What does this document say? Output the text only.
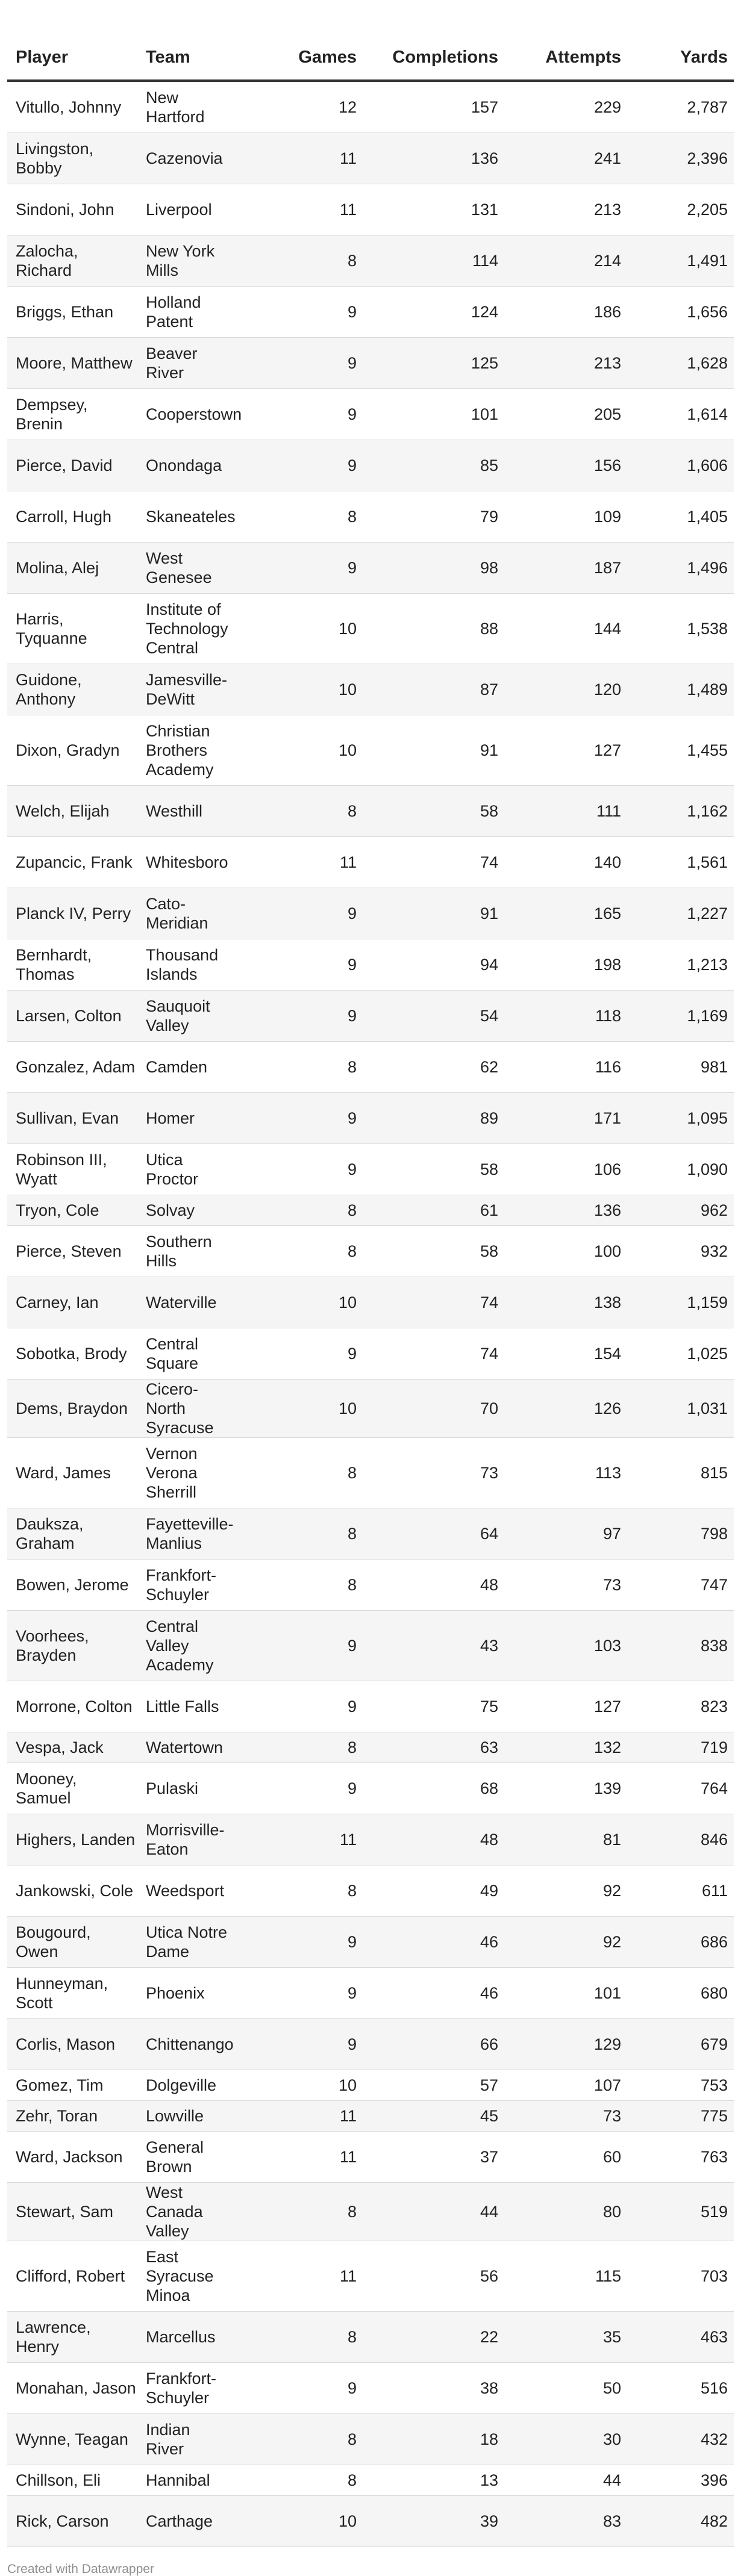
Player	Team	Games	Completions	Attempts	Yards
Vitullo, Johnny	New Hartford	12	157	229	2,787
Livingston, Bobby	Cazenovia	11	136	241	2,396
Sindoni, John	Liverpool	11	131	213	2,205
Zalocha, Richard	New York Mills	8	114	214	1,491
Briggs, Ethan	Holland Patent	9	124	186	1,656
Moore, Matthew	Beaver River	9	125	213	1,628
Dempsey, Brenin	Cooperstown	9	101	205	1,614
Pierce, David	Onondaga	9	85	156	1,606
Carroll, Hugh	Skaneateles	8	79	109	1,405
Molina, Alej	West Genesee	9	98	187	1,496
Harris, Tyquanne	Institute of Technology Central	10	88	144	1,538
Guidone, Anthony	Jamesville-DeWitt	10	87	120	1,489
Dixon, Gradyn	Christian Brothers Academy	10	91	127	1,455
Welch, Elijah	Westhill	8	58	111	1,162
Zupancic, Frank	Whitesboro	11	74	140	1,561
Planck IV, Perry	Cato-Meridian	9	91	165	1,227
Bernhardt, Thomas	Thousand Islands	9	94	198	1,213
Larsen, Colton	Sauquoit Valley	9	54	118	1,169
Gonzalez, Adam	Camden	8	62	116	981
Sullivan, Evan	Homer	9	89	171	1,095
Robinson III, Wyatt	Utica Proctor	9	58	106	1,090
Tryon, Cole	Solvay	8	61	136	962
Pierce, Steven	Southern Hills	8	58	100	932
Carney, Ian	Waterville	10	74	138	1,159
Sobotka, Brody	Central Square	9	74	154	1,025
Dems, Braydon	Cicero-North Syracuse	10	70	126	1,031
Ward, James	Vernon Verona Sherrill	8	73	113	815
Daukszа, Graham	Fayetteville-Manlius	8	64	97	798
Bowen, Jerome	Frankfort-Schuyler	8	48	73	747
Voorhees, Brayden	Central Valley Academy	9	43	103	838
Morrone, Colton	Little Falls	9	75	127	823
Vespa, Jack	Watertown	8	63	132	719
Mooney, Samuel	Pulaski	9	68	139	764
Highers, Landen	Morrisville-Eaton	11	48	81	846
Jankowski, Cole	Weedsport	8	49	92	611
Bougourd, Owen	Utica Notre Dame	9	46	92	686
Hunneyman, Scott	Phoenix	9	46	101	680
Corlis, Mason	Chittenango	9	66	129	679
Gomez, Tim	Dolgeville	10	57	107	753
Zehr, Toran	Lowville	11	45	73	775
Ward, Jackson	General Brown	11	37	60	763
Stewart, Sam	West Canada Valley	8	44	80	519
Clifford, Robert	East Syracuse Minoa	11	56	115	703
Lawrence, Henry	Marcellus	8	22	35	463
Monahan, Jason	Frankfort-Schuyler	9	38	50	516
Wynne, Teagan	Indian River	8	18	30	432
Chillson, Eli	Hannibal	8	13	44	396
Rick, Carson	Carthage	10	39	83	482
Created with Datawrapper
